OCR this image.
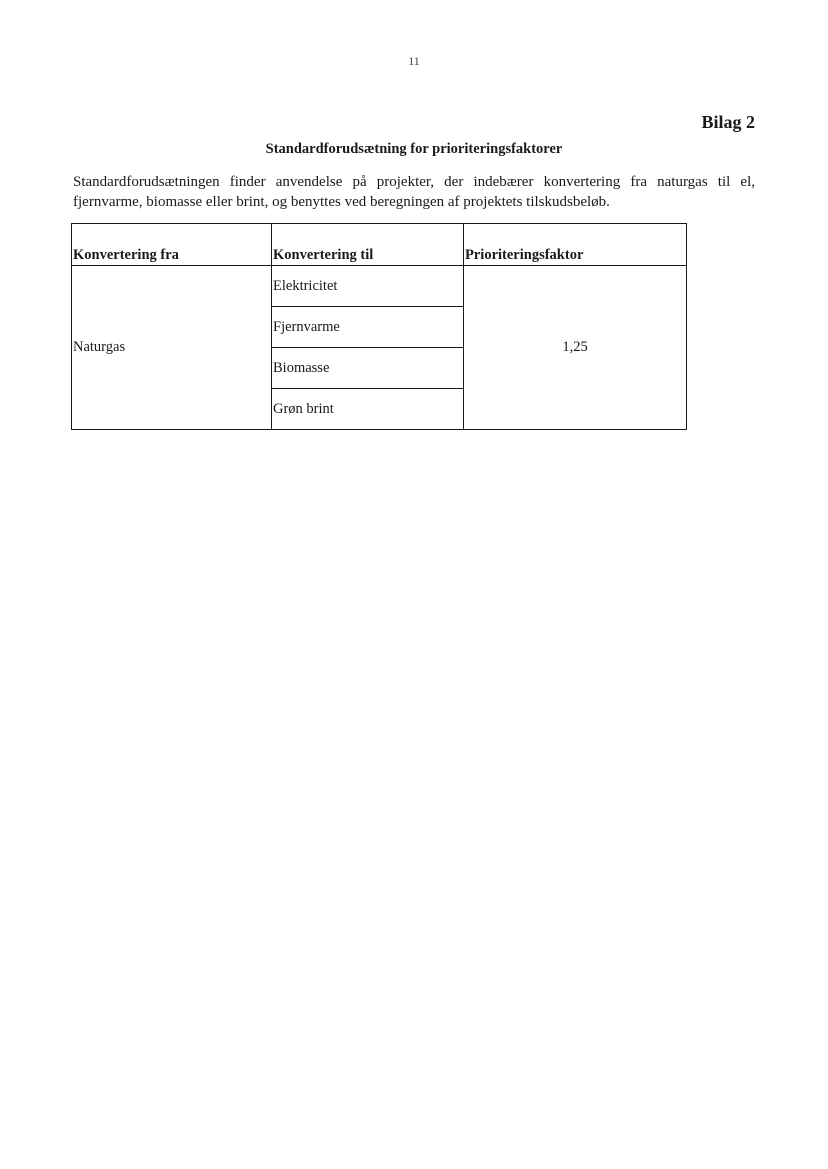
11
Bilag 2
Standardforudsætning for prioriteringsfaktorer

Standardforudsætningen finder anvendelse på projekter, der indebærer konvertering fra naturgas til el, fjernvarme, biomasse eller brint, og benyttes ved beregningen af projektets tilskudsbeløb.

Konvertering fra	Konvertering til	Prioriteringsfaktor
Naturgas	Elektricitet	1,25
	Fjernvarme	
	Biomasse	
	Grøn brint	
